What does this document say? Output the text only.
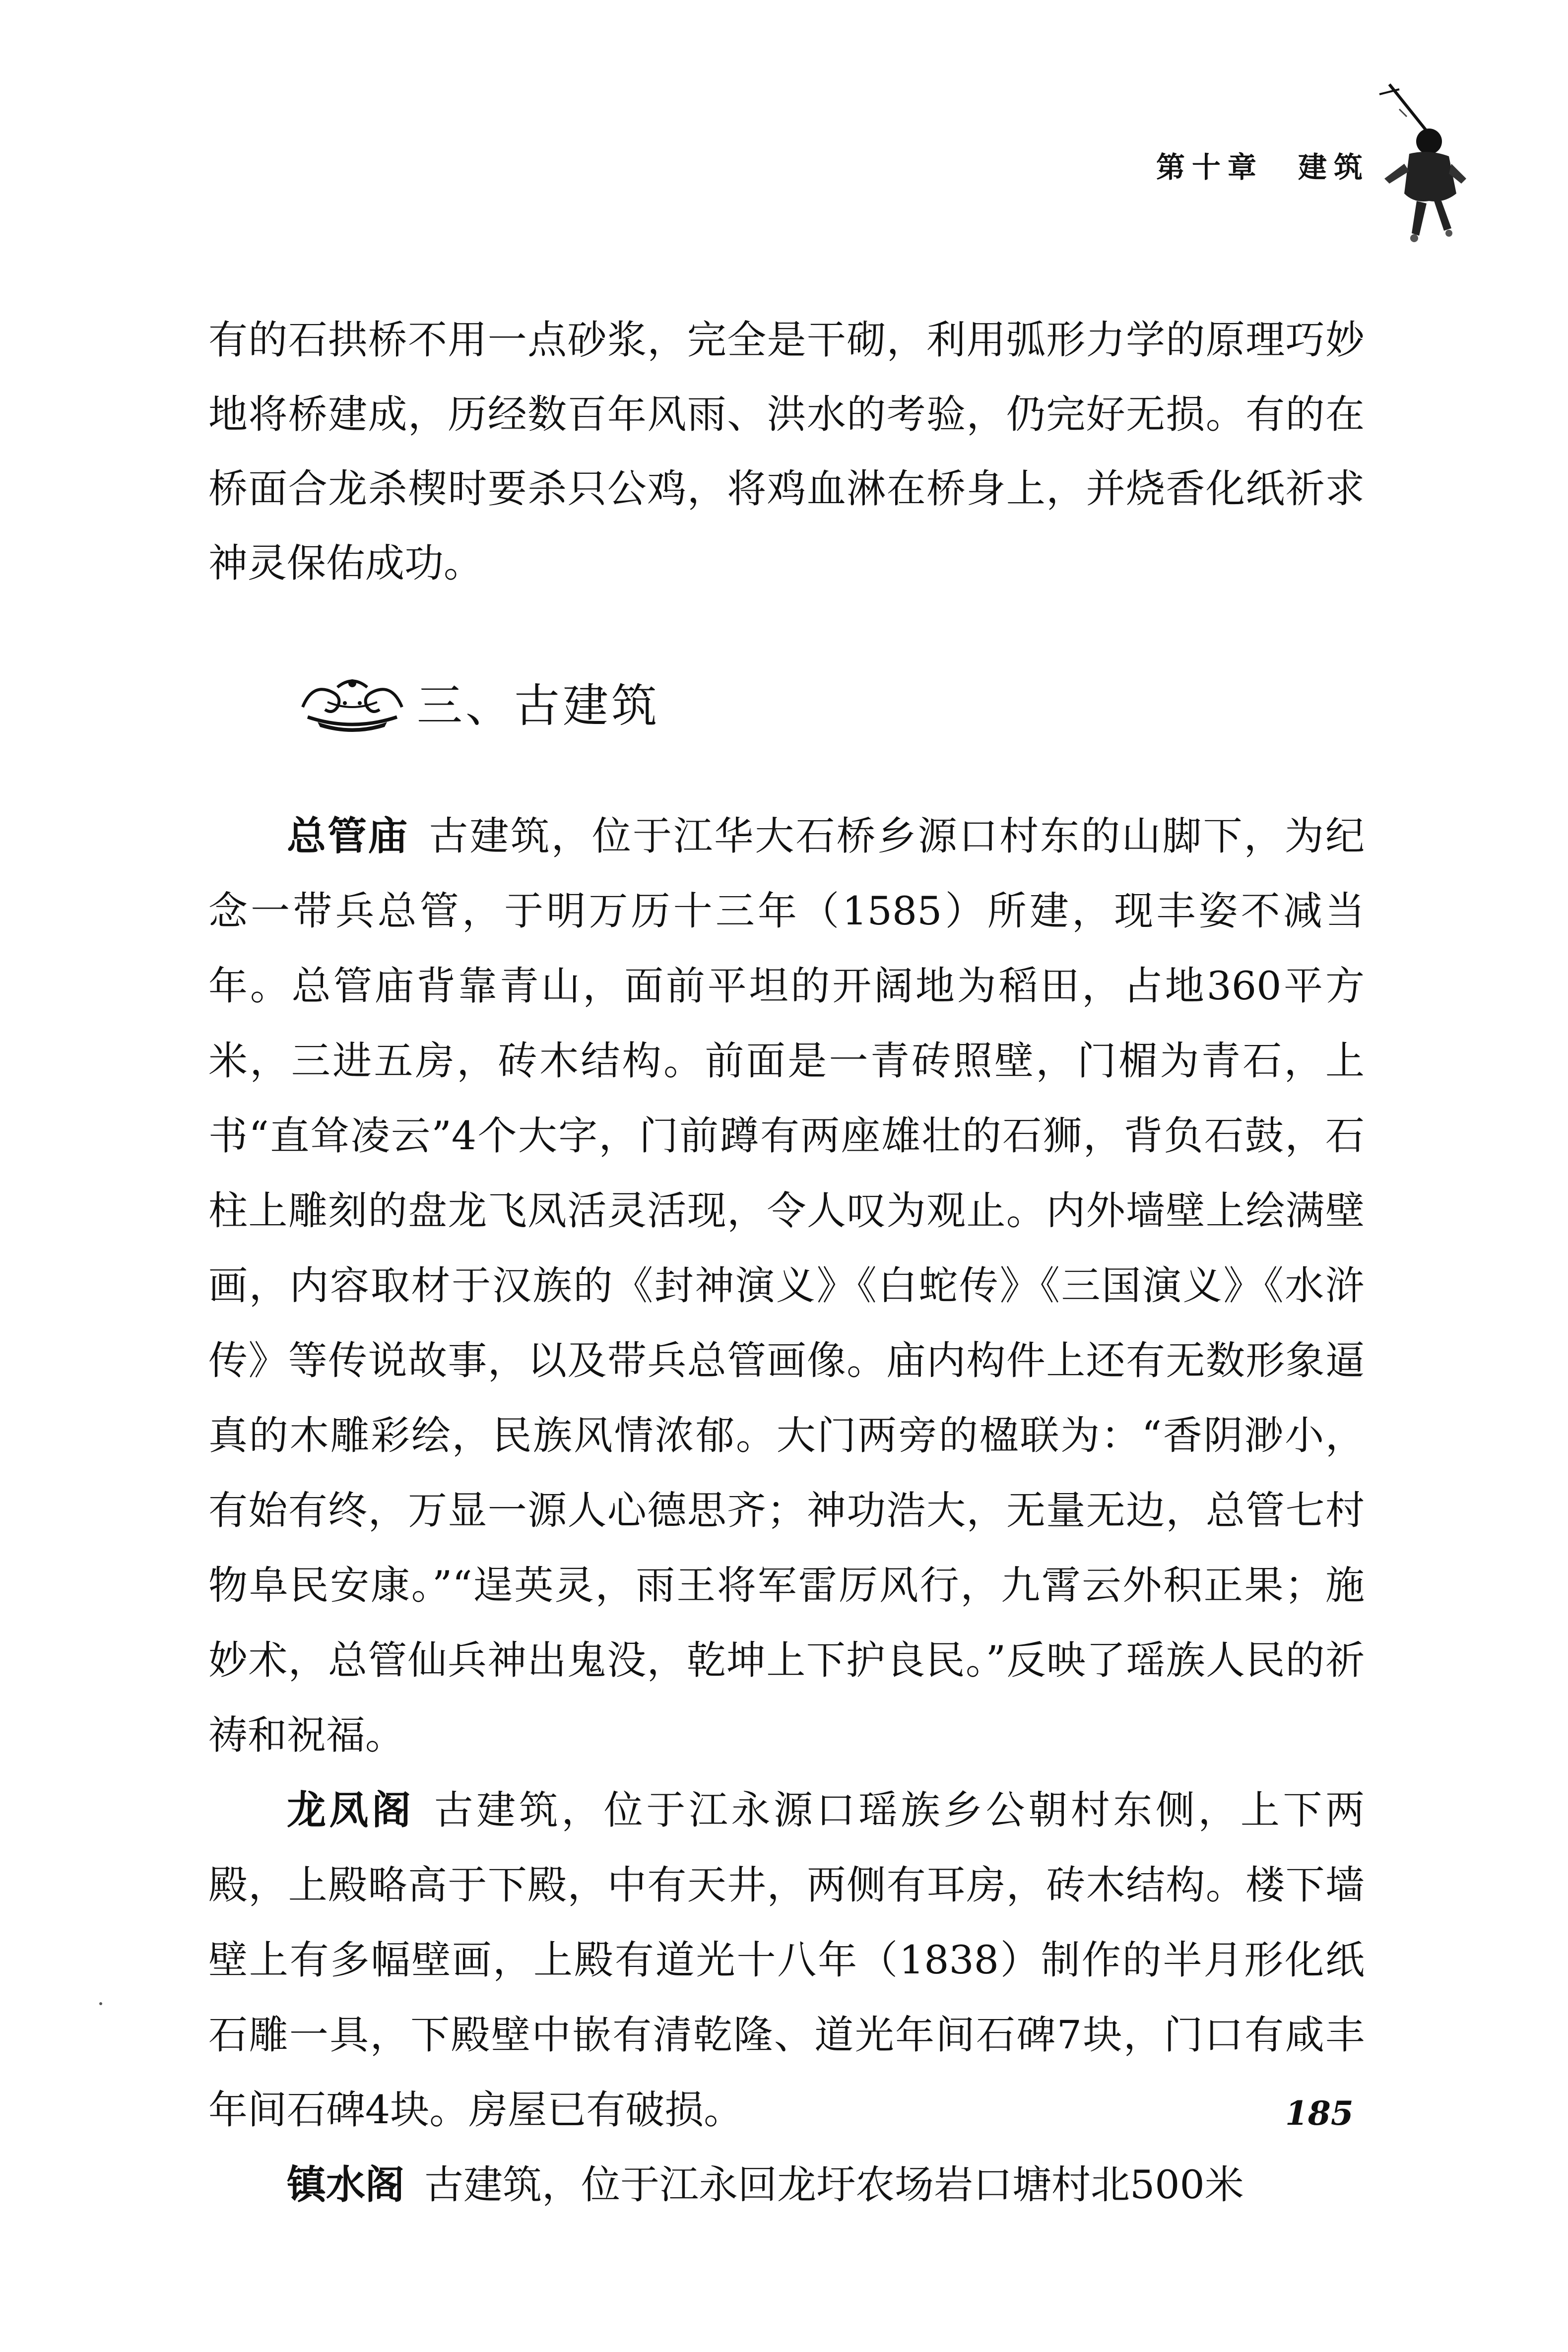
第十章 建筑

有的石拱桥不用一点砂浆，完全是干砌，利用弧形力学的原理巧妙地将桥建成，历经数百年风雨、洪水的考验，仍完好无损。有的在桥面合龙杀楔时要杀只公鸡，将鸡血淋在桥身上，并烧香化纸祈求神灵保佑成功。

三、古建筑

总管庙 古建筑，位于江华大石桥乡源口村东的山脚下，为纪念一带兵总管，于明万历十三年（1585）所建，现丰姿不减当年。总管庙背靠青山，面前平坦的开阔地为稻田，占地360平方米，三进五房，砖木结构。前面是一青砖照壁，门楣为青石，上书“直耸凌云”4个大字，门前蹲有两座雄壮的石狮，背负石鼓，石柱上雕刻的盘龙飞凤活灵活现，令人叹为观止。内外墙壁上绘满壁画，内容取材于汉族的《封神演义》《白蛇传》《三国演义》《水浒传》等传说故事，以及带兵总管画像。庙内构件上还有无数形象逼真的木雕彩绘，民族风情浓郁。大门两旁的楹联为：“香阴渺小，有始有终，万显一源人心德思齐；神功浩大，无量无边，总管七村物阜民安康。”“逞英灵，雨王将军雷厉风行，九霄云外积正果；施妙术，总管仙兵神出鬼没，乾坤上下护良民。”反映了瑶族人民的祈祷和祝福。

龙凤阁 古建筑，位于江永源口瑶族乡公朝村东侧，上下两殿，上殿略高于下殿，中有天井，两侧有耳房，砖木结构。楼下墙壁上有多幅壁画，上殿有道光十八年（1838）制作的半月形化纸石雕一具，下殿壁中嵌有清乾隆、道光年间石碑7块，门口有咸丰年间石碑4块。房屋已有破损。

镇水阁 古建筑，位于江永回龙圩农场岩口塘村北500米

185
